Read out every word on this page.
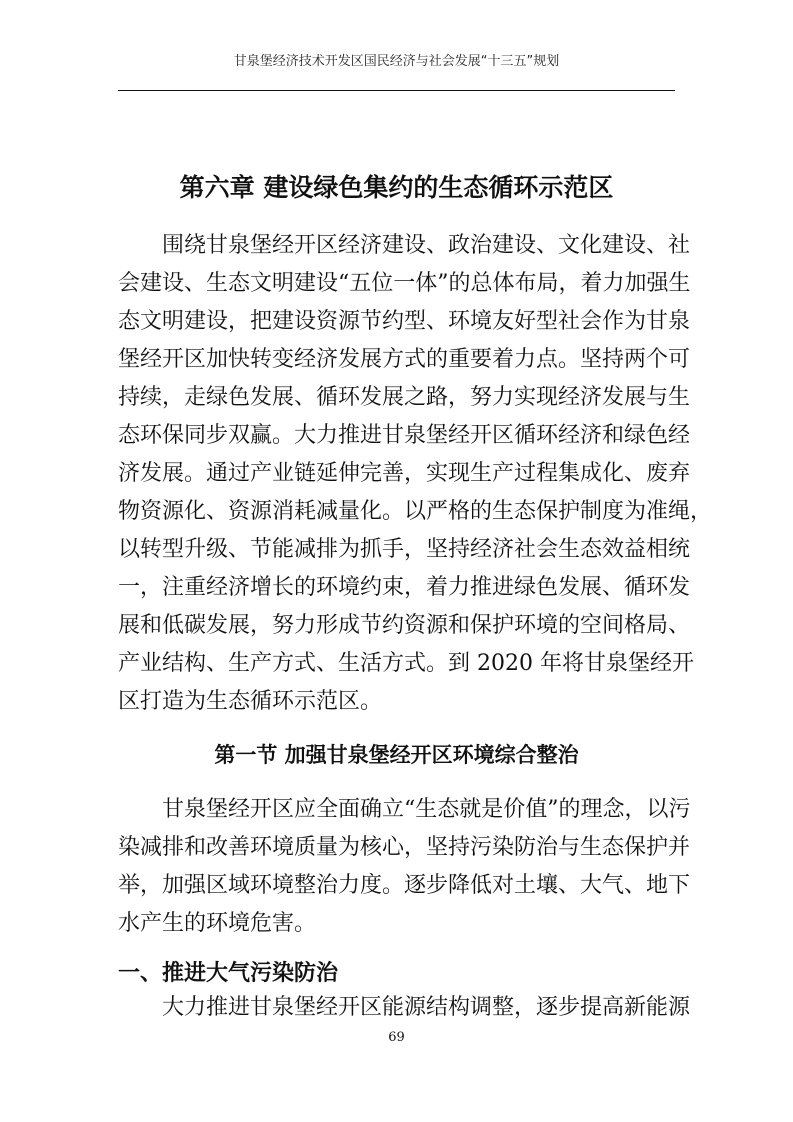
甘泉堡经济技术开发区国民经济与社会发展“十三五”规划
第六章 建设绿色集约的生态循环示范区
　　围绕甘泉堡经开区经济建设、政治建设、文化建设、社
会建设、生态文明建设“五位一体”的总体布局，着力加强生
态文明建设，把建设资源节约型、环境友好型社会作为甘泉
堡经开区加快转变经济发展方式的重要着力点。坚持两个可
持续，走绿色发展、循环发展之路，努力实现经济发展与生
态环保同步双赢。大力推进甘泉堡经开区循环经济和绿色经
济发展。通过产业链延伸完善，实现生产过程集成化、废弃
物资源化、资源消耗减量化。以严格的生态保护制度为准绳，
以转型升级、节能减排为抓手，坚持经济社会生态效益相统
一，注重经济增长的环境约束，着力推进绿色发展、循环发
展和低碳发展，努力形成节约资源和保护环境的空间格局、
产业结构、生产方式、生活方式。到 2020 年将甘泉堡经开
区打造为生态循环示范区。
第一节 加强甘泉堡经开区环境综合整治
　　甘泉堡经开区应全面确立“生态就是价值”的理念，以污
染减排和改善环境质量为核心，坚持污染防治与生态保护并
举，加强区域环境整治力度。逐步降低对土壤、大气、地下
水产生的环境危害。
一、推进大气污染防治
　　大力推进甘泉堡经开区能源结构调整，逐步提高新能源
69
